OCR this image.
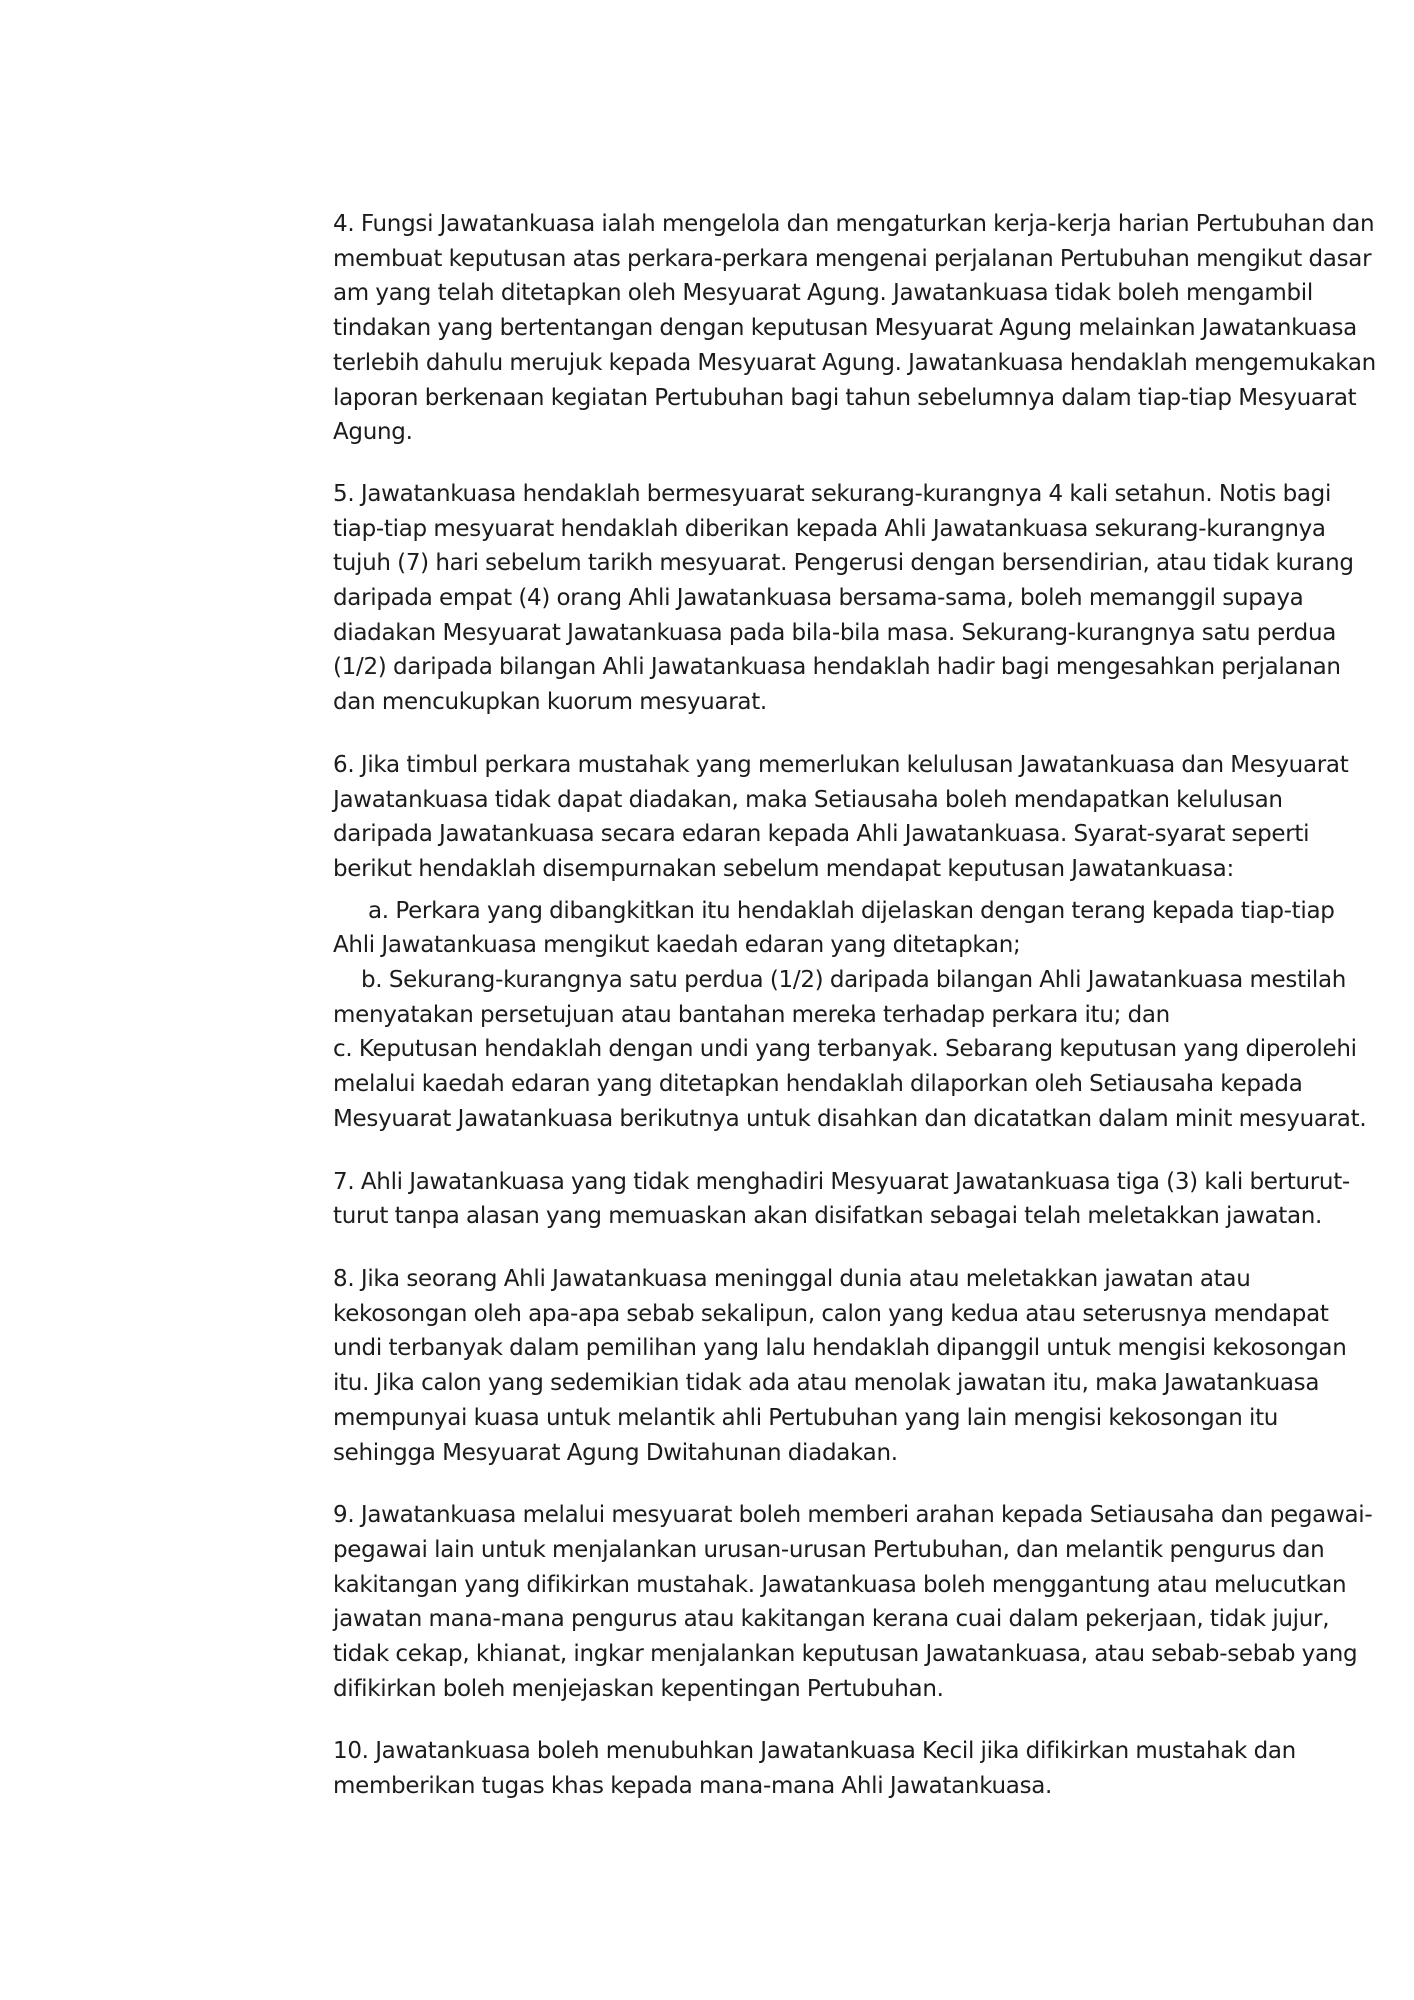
4. Fungsi Jawatankuasa ialah mengelola dan mengaturkan kerja-kerja harian Pertubuhan dan membuat keputusan atas perkara-perkara mengenai perjalanan Pertubuhan mengikut dasar am yang telah ditetapkan oleh Mesyuarat Agung. Jawatankuasa tidak boleh mengambil tindakan yang bertentangan dengan keputusan Mesyuarat Agung melainkan Jawatankuasa terlebih dahulu merujuk kepada Mesyuarat Agung. Jawatankuasa hendaklah mengemukakan laporan berkenaan kegiatan Pertubuhan bagi tahun sebelumnya dalam tiap-tiap Mesyuarat Agung.

5. Jawatankuasa hendaklah bermesyuarat sekurang-kurangnya 4 kali setahun. Notis bagi tiap-tiap mesyuarat hendaklah diberikan kepada Ahli Jawatankuasa sekurang-kurangnya tujuh (7) hari sebelum tarikh mesyuarat. Pengerusi dengan bersendirian, atau tidak kurang daripada empat (4) orang Ahli Jawatankuasa bersama-sama, boleh memanggil supaya diadakan Mesyuarat Jawatankuasa pada bila-bila masa. Sekurang-kurangnya satu perdua (1/2) daripada bilangan Ahli Jawatankuasa hendaklah hadir bagi mengesahkan perjalanan dan mencukupkan kuorum mesyuarat.

6. Jika timbul perkara mustahak yang memerlukan kelulusan Jawatankuasa dan Mesyuarat Jawatankuasa tidak dapat diadakan, maka Setiausaha boleh mendapatkan kelulusan daripada Jawatankuasa secara edaran kepada Ahli Jawatankuasa. Syarat-syarat seperti berikut hendaklah disempurnakan sebelum mendapat keputusan Jawatankuasa:

a. Perkara yang dibangkitkan itu hendaklah dijelaskan dengan terang kepada tiap-tiap Ahli Jawatankuasa mengikut kaedah edaran yang ditetapkan;

b. Sekurang-kurangnya satu perdua (1/2) daripada bilangan Ahli Jawatankuasa mestilah menyatakan persetujuan atau bantahan mereka terhadap perkara itu; dan

c. Keputusan hendaklah dengan undi yang terbanyak. Sebarang keputusan yang diperolehi melalui kaedah edaran yang ditetapkan hendaklah dilaporkan oleh Setiausaha kepada Mesyuarat Jawatankuasa berikutnya untuk disahkan dan dicatatkan dalam minit mesyuarat.

7. Ahli Jawatankuasa yang tidak menghadiri Mesyuarat Jawatankuasa tiga (3) kali berturut-turut tanpa alasan yang memuaskan akan disifatkan sebagai telah meletakkan jawatan.

8. Jika seorang Ahli Jawatankuasa meninggal dunia atau meletakkan jawatan atau kekosongan oleh apa-apa sebab sekalipun, calon yang kedua atau seterusnya mendapat undi terbanyak dalam pemilihan yang lalu hendaklah dipanggil untuk mengisi kekosongan itu. Jika calon yang sedemikian tidak ada atau menolak jawatan itu, maka Jawatankuasa mempunyai kuasa untuk melantik ahli Pertubuhan yang lain mengisi kekosongan itu sehingga Mesyuarat Agung Dwitahunan diadakan.

9. Jawatankuasa melalui mesyuarat boleh memberi arahan kepada Setiausaha dan pegawai-pegawai lain untuk menjalankan urusan-urusan Pertubuhan, dan melantik pengurus dan kakitangan yang difikirkan mustahak. Jawatankuasa boleh menggantung atau melucutkan jawatan mana-mana pengurus atau kakitangan kerana cuai dalam pekerjaan, tidak jujur, tidak cekap, khianat, ingkar menjalankan keputusan Jawatankuasa, atau sebab-sebab yang difikirkan boleh menjejaskan kepentingan Pertubuhan.

10. Jawatankuasa boleh menubuhkan Jawatankuasa Kecil jika difikirkan mustahak dan memberikan tugas khas kepada mana-mana Ahli Jawatankuasa.
